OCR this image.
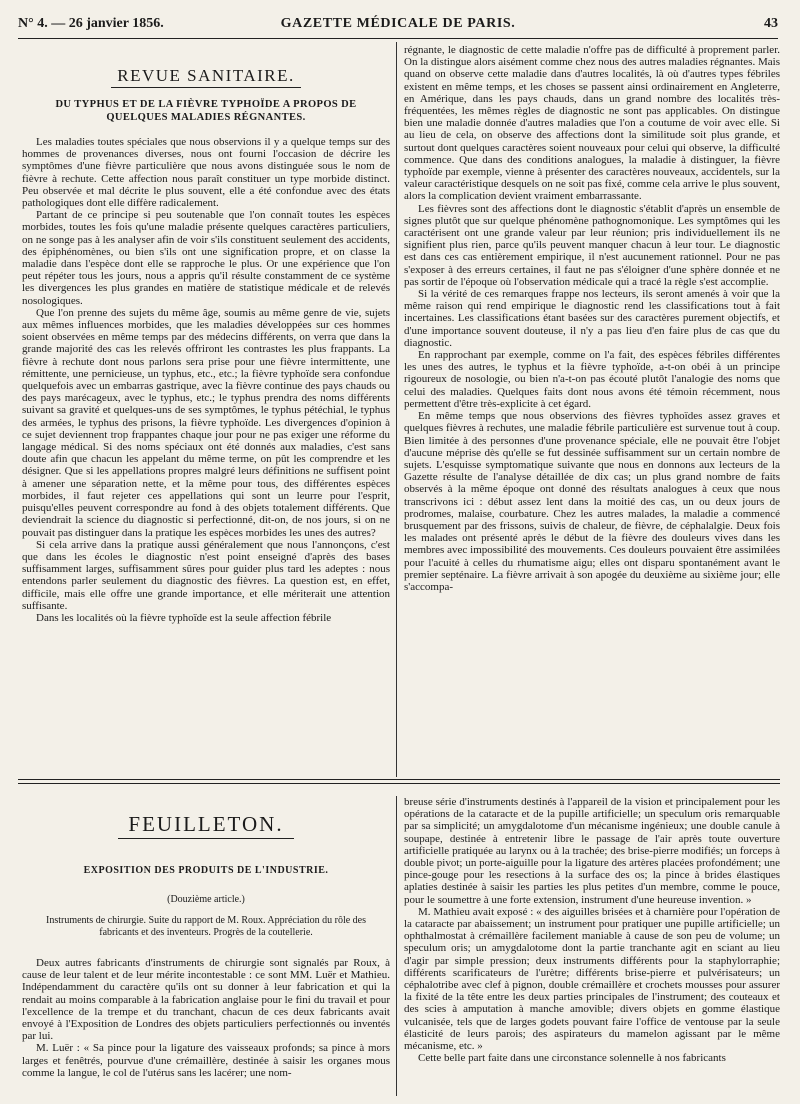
N° 4. — 26 janvier 1856.	GAZETTE MÉDICALE DE PARIS.	43
REVUE SANITAIRE.
DU TYPHUS ET DE LA FIÈVRE TYPHOÏDE A PROPOS DE QUELQUES MALADIES RÉGNANTES.

Les maladies toutes spéciales que nous observions il y a quelque temps sur des hommes de provenances diverses, nous ont fourni l'occasion de décrire les symptômes d'une fièvre particulière que nous avons distinguée sous le nom de fièvre à rechute. Cette affection nous paraît constituer un type morbide distinct. Peu observée et mal décrite le plus souvent, elle a été confondue avec des états pathologiques dont elle diffère radicalement.

Partant de ce principe si peu soutenable que l'on connaît toutes les espèces morbides, toutes les fois qu'une maladie présente quelques caractères particuliers, on ne songe pas à les analyser afin de voir s'ils constituent seulement des accidents, des épiphénomènes, ou bien s'ils ont une signification propre, et on classe la maladie dans l'espèce dont elle se rapproche le plus. Or une expérience que l'on peut répéter tous les jours, nous a appris qu'il résulte constamment de ce système les divergences les plus grandes en matière de statistique médicale et de relevés nosologiques.

Que l'on prenne des sujets du même âge, soumis au même genre de vie, sujets aux mêmes influences morbides, que les maladies développées sur ces hommes soient observées en même temps par des médecins différents, on verra que dans la grande majorité des cas les relevés offriront les contrastes les plus frappants. La fièvre à rechute dont nous parlons sera prise pour une fièvre intermittente, une rémittente, une pernicieuse, un typhus, etc., etc.; la fièvre typhoïde sera confondue quelquefois avec un embarras gastrique, avec la fièvre continue des pays chauds ou des pays marécageux, avec le typhus, etc.; le typhus prendra des noms différents suivant sa gravité et quelques-uns de ses symptômes, le typhus pétéchial, le typhus des armées, le typhus des prisons, la fièvre typhoïde. Les divergences d'opinion à ce sujet deviennent trop frappantes chaque jour pour ne pas exiger une réforme du langage médical. Si des noms spéciaux ont été donnés aux maladies, c'est sans doute afin que chacun les appelant du même terme, on pût les comprendre et les désigner. Que si les appellations propres malgré leurs définitions ne suffisent point à amener une séparation nette, et la même pour tous, des différentes espèces morbides, il faut rejeter ces appellations qui sont un leurre pour l'esprit, puisqu'elles peuvent correspondre au fond à des objets totalement différents. Que deviendrait la science du diagnostic si perfectionné, dit-on, de nos jours, si on ne pouvait pas distinguer dans la pratique les espèces morbides les unes des autres?

Si cela arrive dans la pratique aussi généralement que nous l'annonçons, c'est que dans les écoles le diagnostic n'est point enseigné d'après des bases suffisamment larges, suffisamment sûres pour guider plus tard les adeptes : nous entendons parler seulement du diagnostic des fièvres. La question est, en effet, difficile, mais elle offre une grande importance, et elle mériterait une attention suffisante.

Dans les localités où la fièvre typhoïde est la seule affection fébrile

régnante, le diagnostic de cette maladie n'offre pas de difficulté à proprement parler. On la distingue alors aisément comme chez nous des autres maladies régnantes. Mais quand on observe cette maladie dans d'autres localités, là où d'autres types fébriles existent en même temps, et les choses se passent ainsi ordinairement en Angleterre, en Amérique, dans les pays chauds, dans un grand nombre des localités très-fréquentées, les mêmes règles de diagnostic ne sont pas applicables. On distingue bien une maladie donnée d'autres maladies que l'on a coutume de voir avec elle. Si au lieu de cela, on observe des affections dont la similitude soit plus grande, et surtout dont quelques caractères soient nouveaux pour celui qui observe, la difficulté commence. Que dans des conditions analogues, la maladie à distinguer, la fièvre typhoïde par exemple, vienne à présenter des caractères nouveaux, accidentels, sur la valeur caractéristique desquels on ne soit pas fixé, comme cela arrive le plus souvent, alors la complication devient vraiment embarrassante.

Les fièvres sont des affections dont le diagnostic s'établit d'après un ensemble de signes plutôt que sur quelque phénomène pathognomonique. Les symptômes qui les caractérisent ont une grande valeur par leur réunion; pris individuellement ils ne signifient plus rien, parce qu'ils peuvent manquer chacun à leur tour. Le diagnostic est dans ces cas entièrement empirique, il n'est aucunement rationnel. Pour ne pas s'exposer à des erreurs certaines, il faut ne pas s'éloigner d'une sphère donnée et ne pas sortir de l'époque où l'observation médicale qui a tracé la règle s'est accomplie.

Si la vérité de ces remarques frappe nos lecteurs, ils seront amenés à voir que la même raison qui rend empirique le diagnostic rend les classifications tout à fait incertaines. Les classifications étant basées sur des caractères purement objectifs, et d'une importance souvent douteuse, il n'y a pas lieu d'en faire plus de cas que du diagnostic.

En rapprochant par exemple, comme on l'a fait, des espèces fébriles différentes les unes des autres, le typhus et la fièvre typhoïde, a-t-on obéi à un principe rigoureux de nosologie, ou bien n'a-t-on pas écouté plutôt l'analogie des noms que celui des maladies. Quelques faits dont nous avons été témoin récemment, nous permettent d'être très-explicite à cet égard.

En même temps que nous observions des fièvres typhoïdes assez graves et quelques fièvres à rechutes, une maladie fébrile particulière est survenue tout à coup. Bien limitée à des personnes d'une provenance spéciale, elle ne pouvait être l'objet d'aucune méprise dès qu'elle se fut dessinée suffisamment sur un certain nombre de sujets. L'esquisse symptomatique suivante que nous en donnons aux lecteurs de la Gazette résulte de l'analyse détaillée de dix cas; un plus grand nombre de faits observés à la même époque ont donné des résultats analogues à ceux que nous transcrivons ici : début assez lent dans la moitié des cas, un ou deux jours de prodromes, malaise, courbature. Chez les autres malades, la maladie a commencé brusquement par des frissons, suivis de chaleur, de fièvre, de céphalalgie. Deux fois les malades ont présenté après le début de la fièvre des douleurs vives dans les membres avec impossibilité des mouvements. Ces douleurs pouvaient être assimilées pour l'acuité à celles du rhumatisme aigu; elles ont disparu spontanément avant le premier septénaire. La fièvre arrivait à son apogée du deuxième au sixième jour; elle s'accompa-

FEUILLETON.
EXPOSITION DES PRODUITS DE L'INDUSTRIE.
(Douzième article.)
Instruments de chirurgie. Suite du rapport de M. Roux. Appréciation du rôle des fabricants et des inventeurs. Progrès de la coutellerie.

Deux autres fabricants d'instruments de chirurgie sont signalés par Roux, à cause de leur talent et de leur mérite incontestable : ce sont MM. Luër et Mathieu. Indépendamment du caractère qu'ils ont su donner à leur fabrication et qui la rendait au moins comparable à la fabrication anglaise pour le fini du travail et pour l'excellence de la trempe et du tranchant, chacun de ces deux fabricants avait envoyé à l'Exposition de Londres des objets particuliers perfectionnés ou inventés par lui.

M. Luër : « Sa pince pour la ligature des vaisseaux profonds; sa pince à mors larges et fenêtrés, pourvue d'une crémaillère, destinée à saisir les organes mous comme la langue, le col de l'utérus sans les lacérer; une nom-

breuse série d'instruments destinés à l'appareil de la vision et principalement pour les opérations de la cataracte et de la pupille artificielle; un speculum oris remarquable par sa simplicité; un amygdalotome d'un mécanisme ingénieux; une double canule à soupape, destinée à entretenir libre le passage de l'air après toute ouverture artificielle pratiquée au larynx ou à la trachée; des brise-pierre modifiés; un forceps à double pivot; un porte-aiguille pour la ligature des artères placées profondément; une pince-gouge pour les resections à la surface des os; la pince à brides élastiques aplaties destinée à saisir les parties les plus petites d'un membre, comme le pouce, pour le soumettre à une forte extension, instrument d'une heureuse invention. »

M. Mathieu avait exposé : « des aiguilles brisées et à charnière pour l'opération de la cataracte par abaissement; un instrument pour pratiquer une pupille artificielle; un ophthalmostat à crémaillère facilement maniable à cause de son peu de volume; un speculum oris; un amygdalotome dont la partie tranchante agit en sciant au lieu d'agir par simple pression; deux instruments différents pour la staphylorraphie; différents scarificateurs de l'urètre; différents brise-pierre et pulvérisateurs; un céphalotribe avec clef à pignon, double crémaillère et crochets mousses pour assurer la fixité de la tête entre les deux parties principales de l'instrument; des couteaux et des scies à amputation à manche amovible; divers objets en gomme élastique vulcanisée, tels que de larges godets pouvant faire l'office de ventouse par la seule élasticité de leurs parois; des aspirateurs du mamelon agissant par le même mécanisme, etc. »

Cette belle part faite dans une circonstance solennelle à nos fabricants
